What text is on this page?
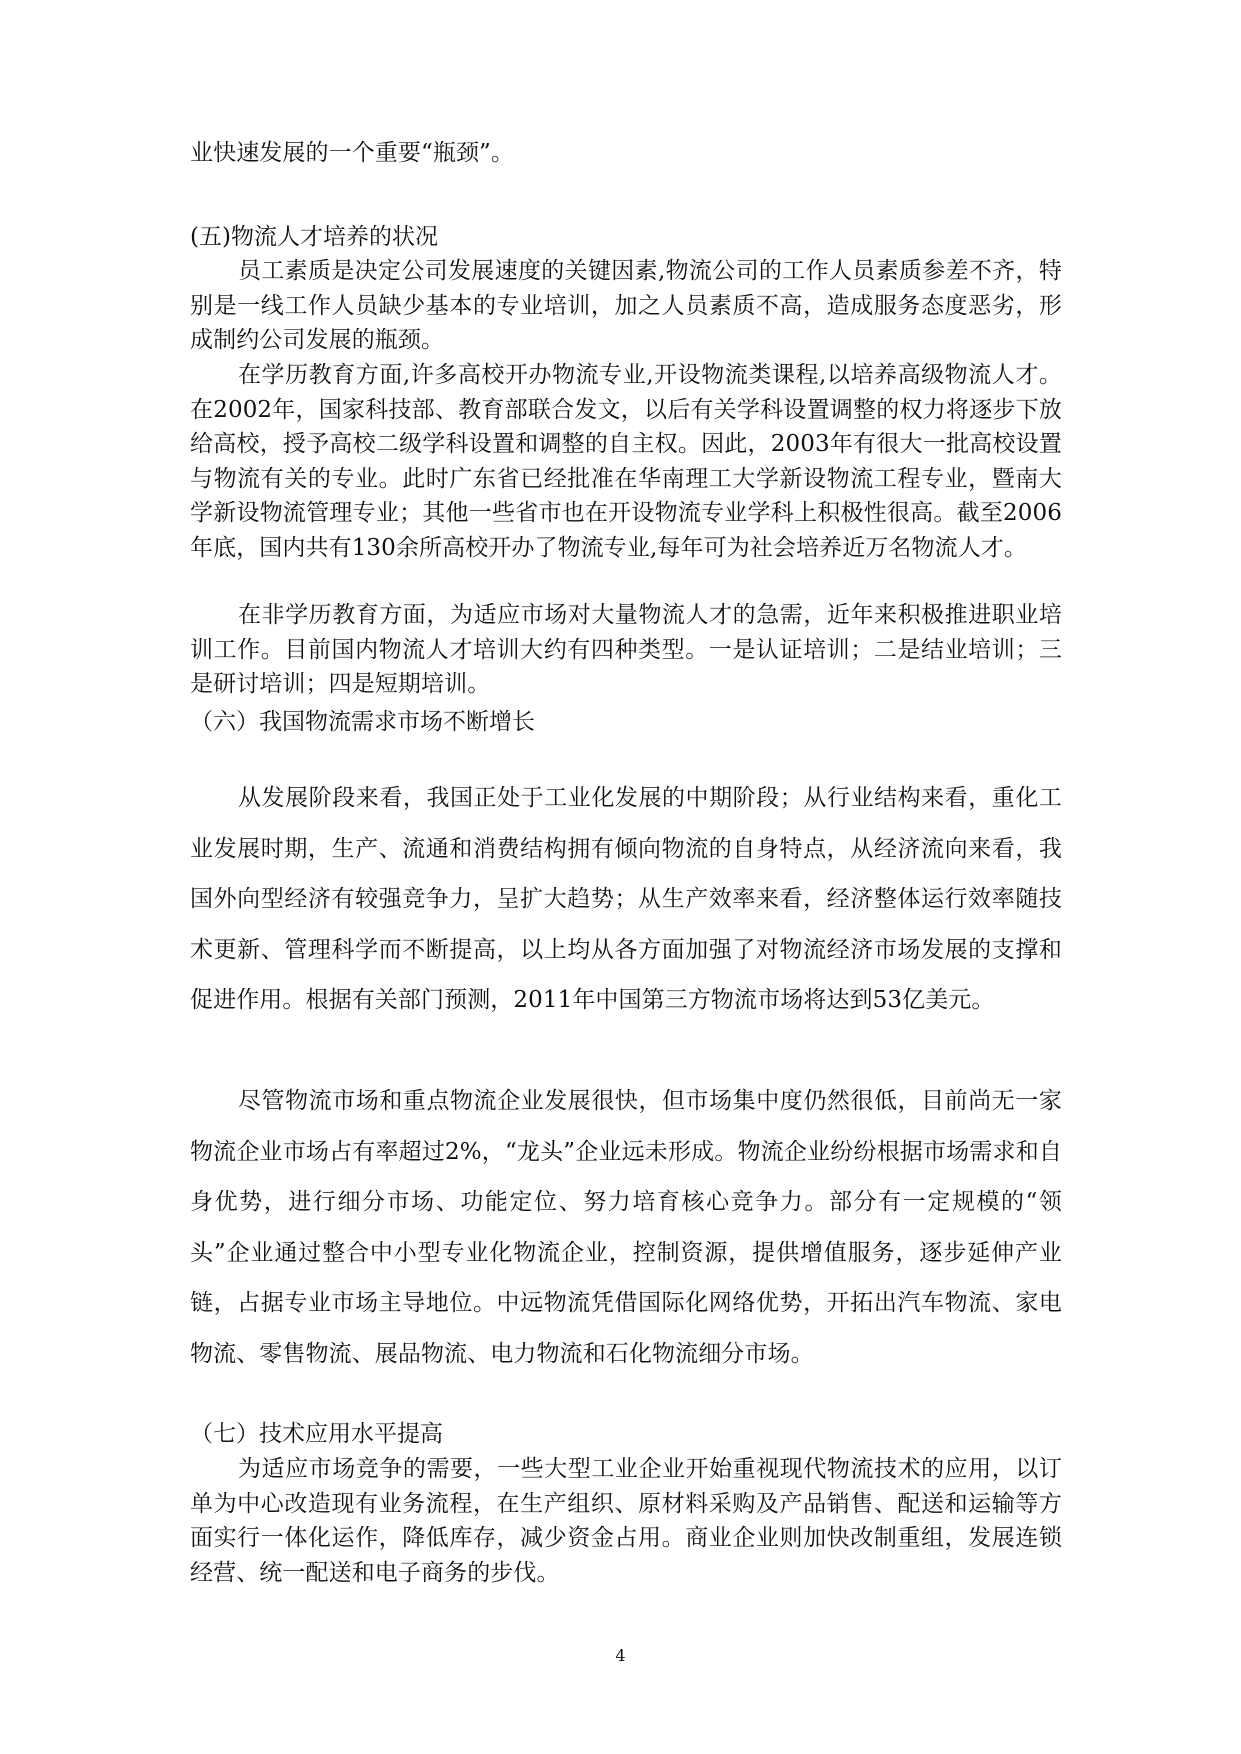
业快速发展的一个重要“瓶颈”。

(五)物流人才培养的状况

员工素质是决定公司发展速度的关键因素,物流公司的工作人员素质参差不齐，特别是一线工作人员缺少基本的专业培训，加之人员素质不高，造成服务态度恶劣，形成制约公司发展的瓶颈。

在学历教育方面,许多高校开办物流专业,开设物流类课程,以培养高级物流人才。在2002年，国家科技部、教育部联合发文，以后有关学科设置调整的权力将逐步下放给高校，授予高校二级学科设置和调整的自主权。因此，2003年有很大一批高校设置与物流有关的专业。此时广东省已经批准在华南理工大学新设物流工程专业，暨南大学新设物流管理专业；其他一些省市也在开设物流专业学科上积极性很高。截至2006年底，国内共有130余所高校开办了物流专业,每年可为社会培养近万名物流人才。

在非学历教育方面，为适应市场对大量物流人才的急需，近年来积极推进职业培训工作。目前国内物流人才培训大约有四种类型。一是认证培训；二是结业培训；三是研讨培训；四是短期培训。

（六）我国物流需求市场不断增长

从发展阶段来看，我国正处于工业化发展的中期阶段；从行业结构来看，重化工业发展时期，生产、流通和消费结构拥有倾向物流的自身特点，从经济流向来看，我国外向型经济有较强竞争力，呈扩大趋势；从生产效率来看，经济整体运行效率随技术更新、管理科学而不断提高，以上均从各方面加强了对物流经济市场发展的支撑和促进作用。根据有关部门预测，2011年中国第三方物流市场将达到53亿美元。

尽管物流市场和重点物流企业发展很快，但市场集中度仍然很低，目前尚无一家物流企业市场占有率超过2%，“龙头”企业远未形成。物流企业纷纷根据市场需求和自身优势，进行细分市场、功能定位、努力培育核心竞争力。部分有一定规模的“领头”企业通过整合中小型专业化物流企业，控制资源，提供增值服务，逐步延伸产业链，占据专业市场主导地位。中远物流凭借国际化网络优势，开拓出汽车物流、家电物流、零售物流、展品物流、电力物流和石化物流细分市场。

（七）技术应用水平提高

为适应市场竞争的需要，一些大型工业企业开始重视现代物流技术的应用，以订单为中心改造现有业务流程，在生产组织、原材料采购及产品销售、配送和运输等方面实行一体化运作，降低库存，减少资金占用。商业企业则加快改制重组，发展连锁经营、统一配送和电子商务的步伐。

4
